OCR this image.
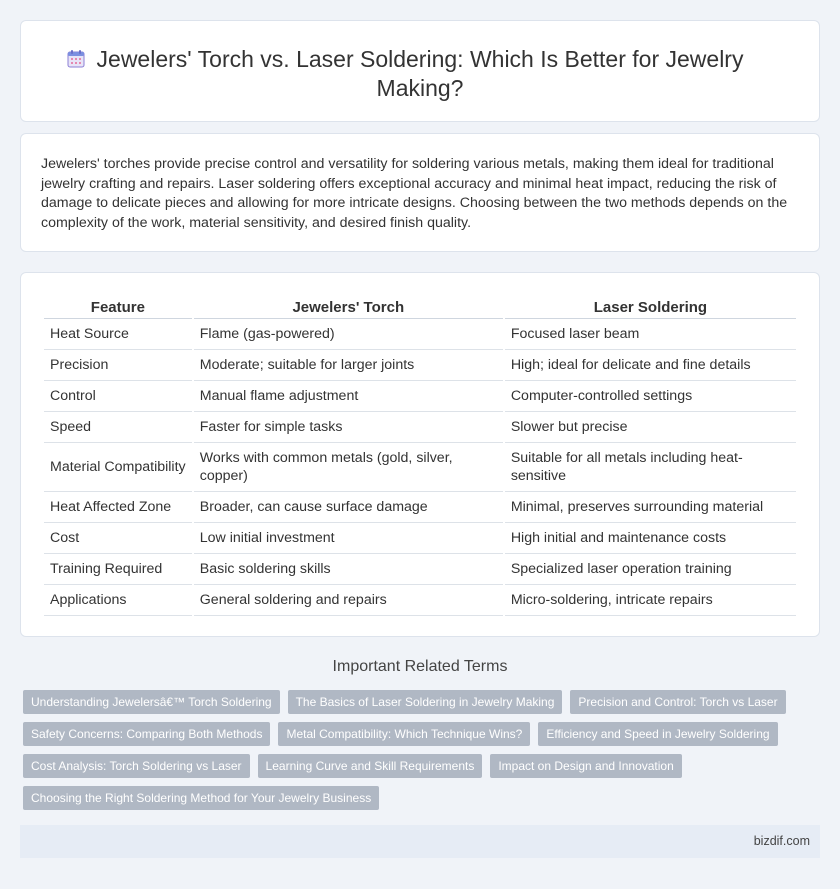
Jewelers' Torch vs. Laser Soldering: Which Is Better for Jewelry Making?

Jewelers' torches provide precise control and versatility for soldering various metals, making them ideal for traditional jewelry crafting and repairs. Laser soldering offers exceptional accuracy and minimal heat impact, reducing the risk of damage to delicate pieces and allowing for more intricate designs. Choosing between the two methods depends on the complexity of the work, material sensitivity, and desired finish quality.

Feature	Jewelers' Torch	Laser Soldering
Heat Source	Flame (gas-powered)	Focused laser beam
Precision	Moderate; suitable for larger joints	High; ideal for delicate and fine details
Control	Manual flame adjustment	Computer-controlled settings
Speed	Faster for simple tasks	Slower but precise
Material Compatibility	Works with common metals (gold, silver, copper)	Suitable for all metals including heat-sensitive
Heat Affected Zone	Broader, can cause surface damage	Minimal, preserves surrounding material
Cost	Low initial investment	High initial and maintenance costs
Training Required	Basic soldering skills	Specialized laser operation training
Applications	General soldering and repairs	Micro-soldering, intricate repairs
Important Related Terms
Understanding Jewelersâ€™ Torch Soldering	The Basics of Laser Soldering in Jewelry Making	Precision and Control: Torch vs Laser
Safety Concerns: Comparing Both Methods	Metal Compatibility: Which Technique Wins?	Efficiency and Speed in Jewelry Soldering
Cost Analysis: Torch Soldering vs Laser	Learning Curve and Skill Requirements	Impact on Design and Innovation
Choosing the Right Soldering Method for Your Jewelry Business
bizdif.com
